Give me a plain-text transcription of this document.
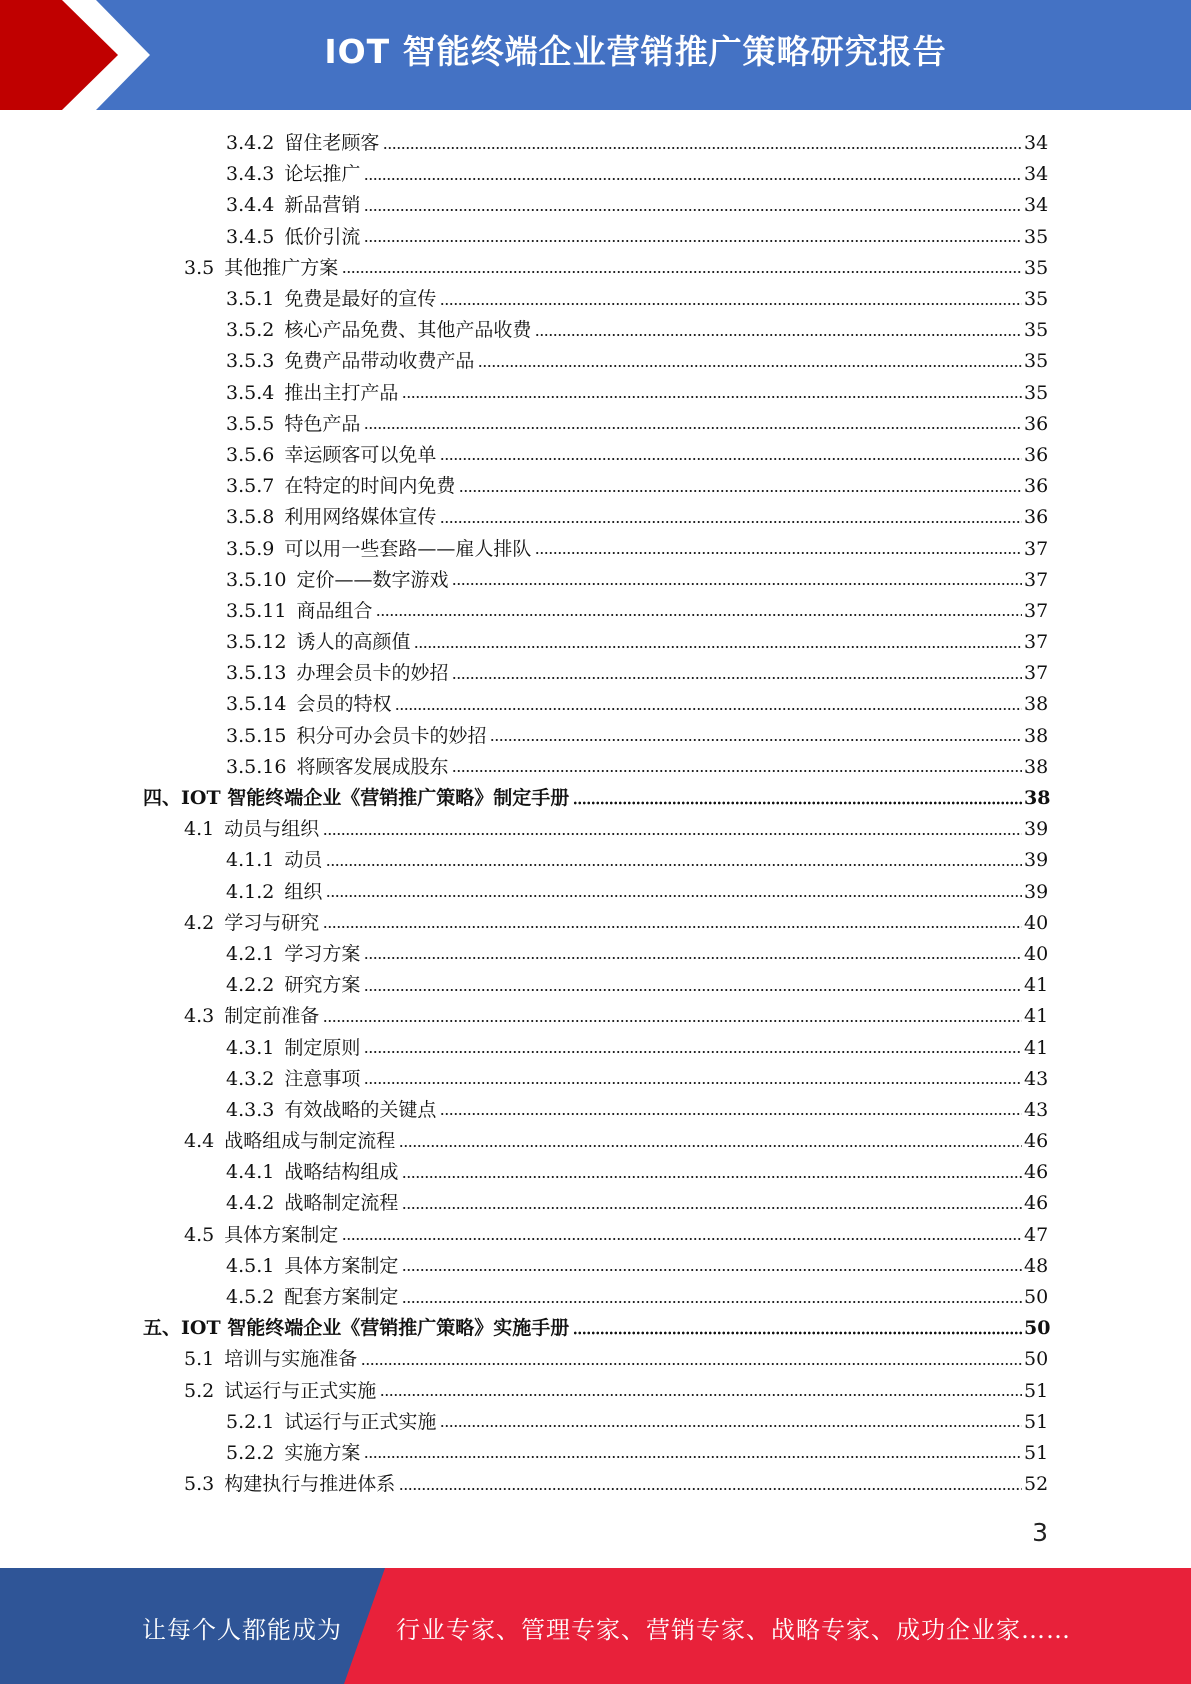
IOT 智能终端企业营销推广策略研究报告
3.4.2 留住老顾客	34
3.4.3 论坛推广	34
3.4.4 新品营销	34
3.4.5 低价引流	35
3.5 其他推广方案	35
3.5.1 免费是最好的宣传	35
3.5.2 核心产品免费、其他产品收费	35
3.5.3 免费产品带动收费产品	35
3.5.4 推出主打产品	35
3.5.5 特色产品	36
3.5.6 幸运顾客可以免单	36
3.5.7 在特定的时间内免费	36
3.5.8 利用网络媒体宣传	36
3.5.9 可以用一些套路——雇人排队	37
3.5.10 定价——数字游戏	37
3.5.11 商品组合	37
3.5.12 诱人的高颜值	37
3.5.13 办理会员卡的妙招	37
3.5.14 会员的特权	38
3.5.15 积分可办会员卡的妙招	38
3.5.16 将顾客发展成股东	38
四、 IOT 智能终端企业《营销推广策略》制定手册	38
4.1 动员与组织	39
4.1.1 动员	39
4.1.2 组织	39
4.2 学习与研究	40
4.2.1 学习方案	40
4.2.2 研究方案	41
4.3 制定前准备	41
4.3.1 制定原则	41
4.3.2 注意事项	43
4.3.3 有效战略的关键点	43
4.4 战略组成与制定流程	46
4.4.1 战略结构组成	46
4.4.2 战略制定流程	46
4.5 具体方案制定	47
4.5.1 具体方案制定	48
4.5.2 配套方案制定	50
五、 IOT 智能终端企业《营销推广策略》实施手册	50
5.1 培训与实施准备	50
5.2 试运行与正式实施	51
5.2.1 试运行与正式实施	51
5.2.2 实施方案	51
5.3 构建执行与推进体系	52
3
让每个人都能成为 行业专家、管理专家、营销专家、战略专家、成功企业家……
